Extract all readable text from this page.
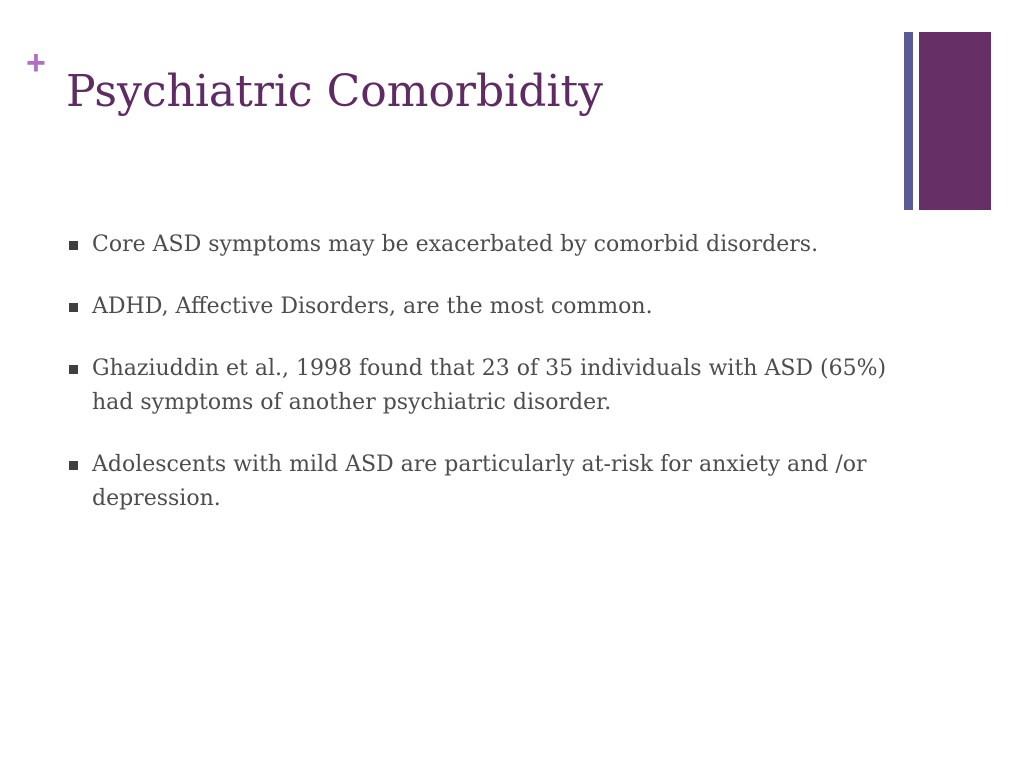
+
Psychiatric Comorbidity
Core ASD symptoms may be exacerbated by comorbid disorders.
ADHD, Affective Disorders, are the most common.
Ghaziuddin et al., 1998 found that 23 of 35 individuals with ASD (65%) had symptoms of another psychiatric disorder.
Adolescents with mild ASD are particularly at-risk for anxiety and /or depression.
